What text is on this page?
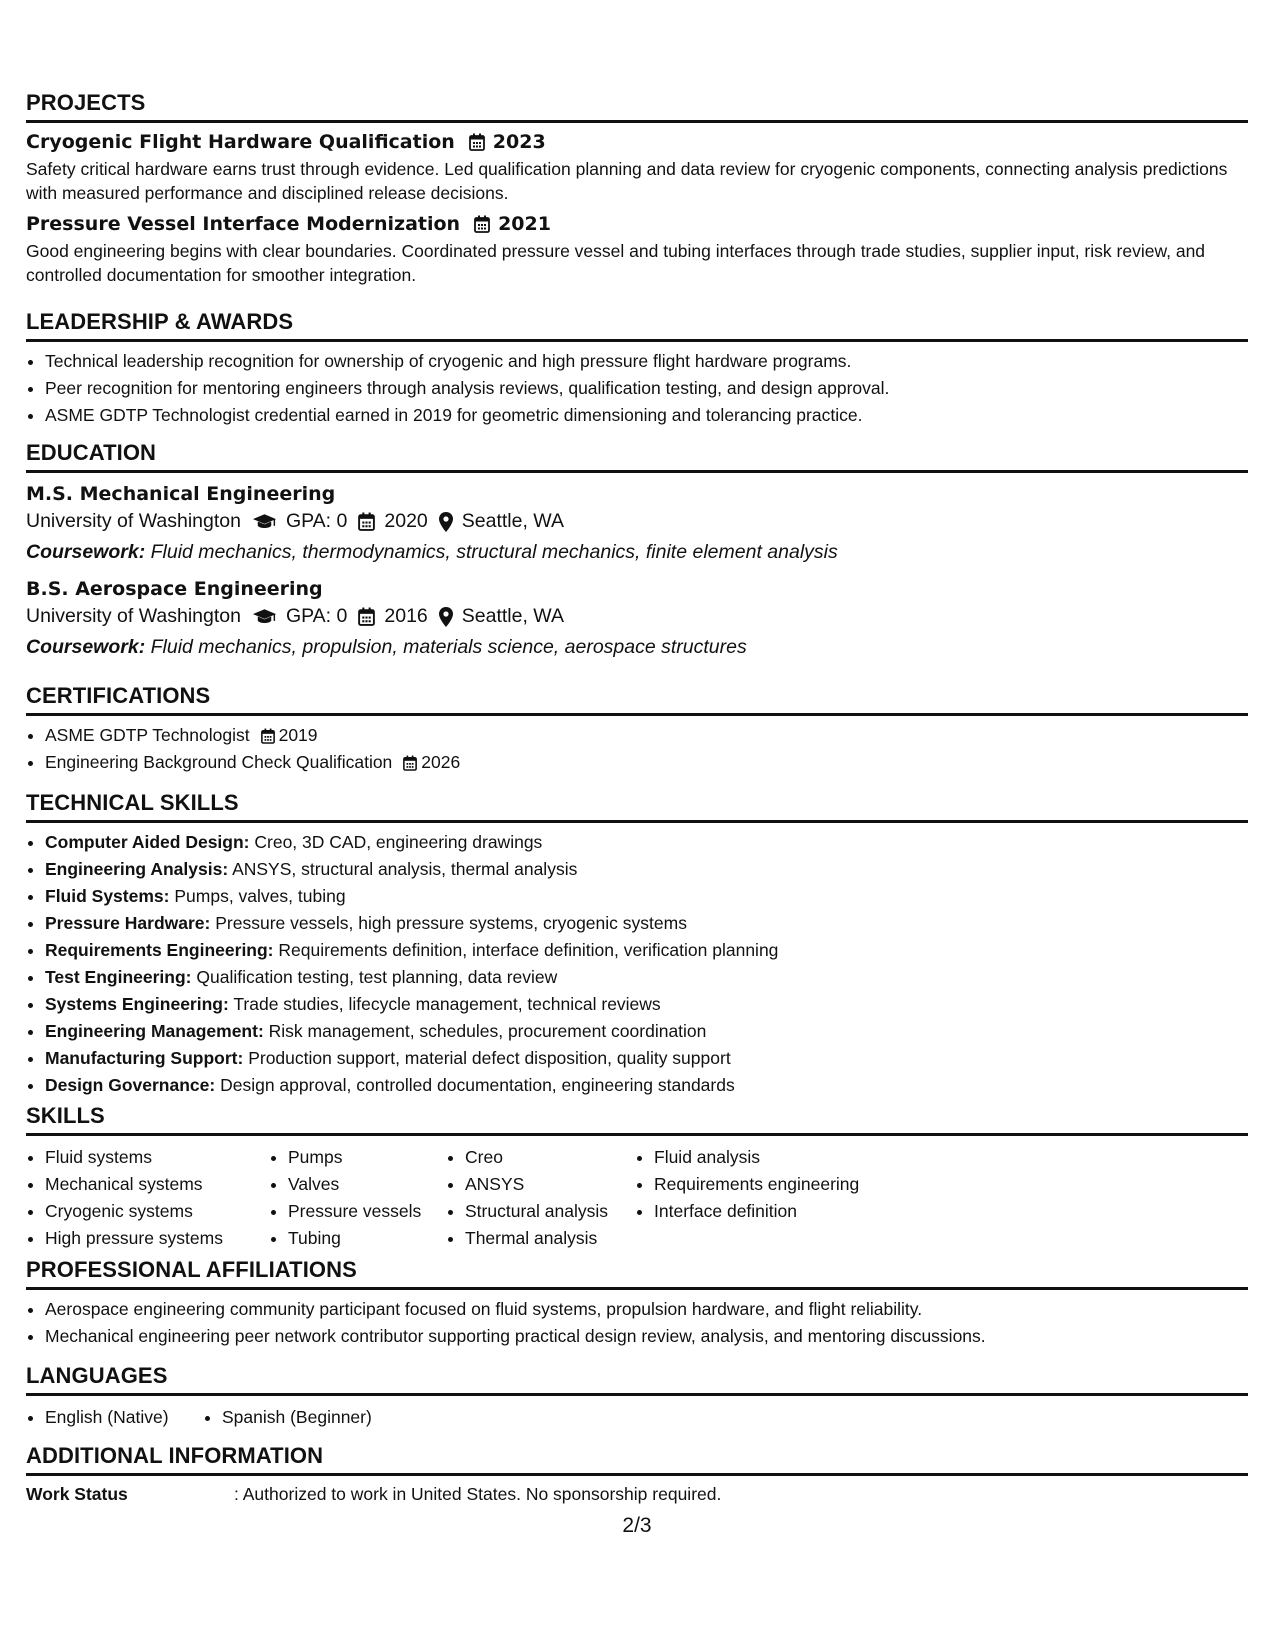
PROJECTS
Cryogenic Flight Hardware Qualification 2023
Safety critical hardware earns trust through evidence. Led qualification planning and data review for cryogenic components, connecting analysis predictions with measured performance and disciplined release decisions.
Pressure Vessel Interface Modernization 2021
Good engineering begins with clear boundaries. Coordinated pressure vessel and tubing interfaces through trade studies, supplier input, risk review, and controlled documentation for smoother integration.
LEADERSHIP & AWARDS
• Technical leadership recognition for ownership of cryogenic and high pressure flight hardware programs.
• Peer recognition for mentoring engineers through analysis reviews, qualification testing, and design approval.
• ASME GDTP Technologist credential earned in 2019 for geometric dimensioning and tolerancing practice.
EDUCATION
M.S. Mechanical Engineering
University of Washington GPA: 0 2020 Seattle, WA
Coursework: Fluid mechanics, thermodynamics, structural mechanics, finite element analysis
B.S. Aerospace Engineering
University of Washington GPA: 0 2016 Seattle, WA
Coursework: Fluid mechanics, propulsion, materials science, aerospace structures
CERTIFICATIONS
• ASME GDTP Technologist 2019
• Engineering Background Check Qualification 2026
TECHNICAL SKILLS
• Computer Aided Design: Creo, 3D CAD, engineering drawings
• Engineering Analysis: ANSYS, structural analysis, thermal analysis
• Fluid Systems: Pumps, valves, tubing
• Pressure Hardware: Pressure vessels, high pressure systems, cryogenic systems
• Requirements Engineering: Requirements definition, interface definition, verification planning
• Test Engineering: Qualification testing, test planning, data review
• Systems Engineering: Trade studies, lifecycle management, technical reviews
• Engineering Management: Risk management, schedules, procurement coordination
• Manufacturing Support: Production support, material defect disposition, quality support
• Design Governance: Design approval, controlled documentation, engineering standards
SKILLS
• Fluid systems
• Mechanical systems
• Cryogenic systems
• High pressure systems
• Pumps
• Valves
• Pressure vessels
• Tubing
• Creo
• ANSYS
• Structural analysis
• Thermal analysis
• Fluid analysis
• Requirements engineering
• Interface definition
PROFESSIONAL AFFILIATIONS
• Aerospace engineering community participant focused on fluid systems, propulsion hardware, and flight reliability.
• Mechanical engineering peer network contributor supporting practical design review, analysis, and mentoring discussions.
LANGUAGES
• English (Native)
•	Spanish (Beginner)
ADDITIONAL INFORMATION
Work Status	: Authorized to work in United States. No sponsorship required.
2/3
